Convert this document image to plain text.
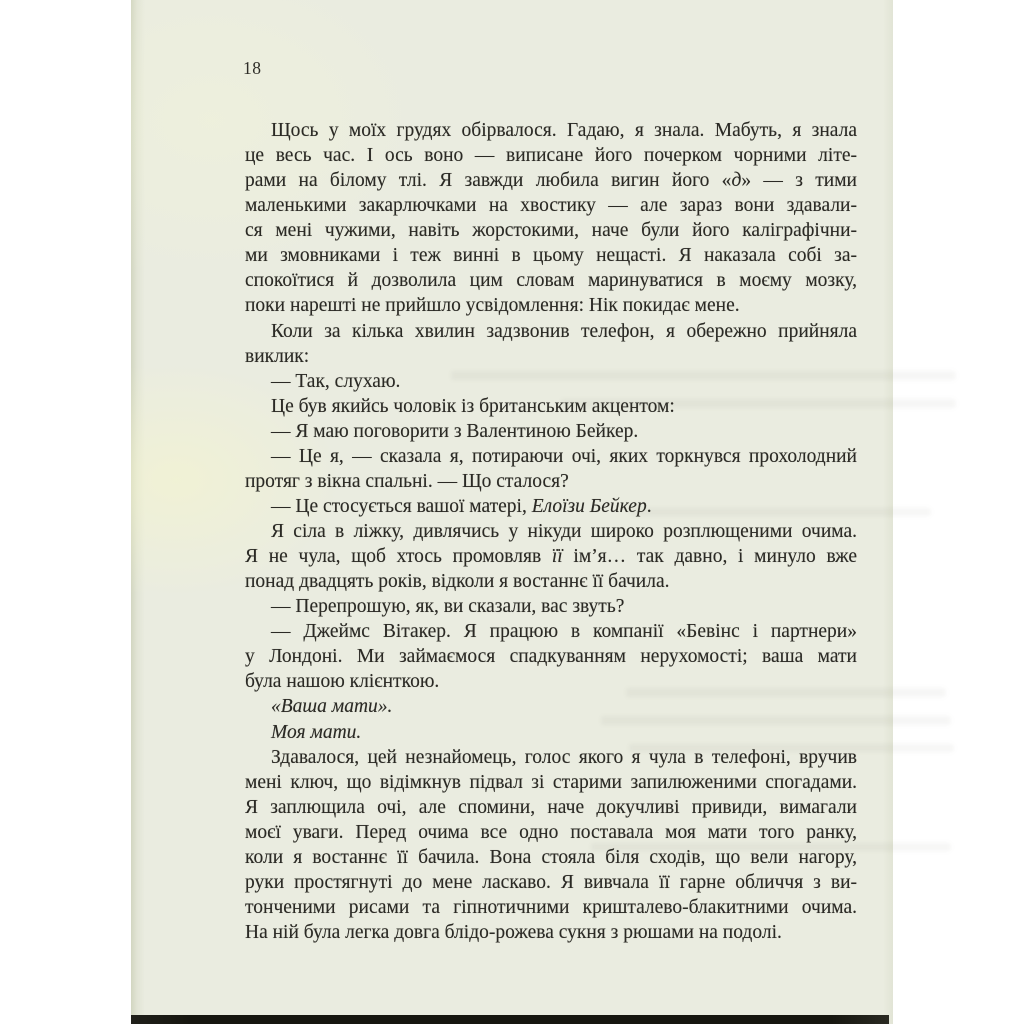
18
Щось у моїх грудях обірвалося. Гадаю, я знала. Мабуть, я знала
це весь час. І ось воно — виписане його почерком чорними літе-
рами на білому тлі. Я завжди любила вигин його «д» — з тими
маленькими закарлючками на хвостику — але зараз вони здавали-
ся мені чужими, навіть жорстокими, наче були його каліграфічни-
ми змовниками і теж винні в цьому нещасті. Я наказала собі за-
спокоїтися й дозволила цим словам маринуватися в моєму мозку,
поки нарешті не прийшло усвідомлення: Нік покидає мене.
Коли за кілька хвилин задзвонив телефон, я обережно прийняла
виклик:
— Так, слухаю.
Це був якийсь чоловік із британським акцентом:
— Я маю поговорити з Валентиною Бейкер.
— Це я, — сказала я, потираючи очі, яких торкнувся прохолодний
протяг з вікна спальні. — Що сталося?
— Це стосується вашої матері, Елоїзи Бейкер.
Я сіла в ліжку, дивлячись у нікуди широко розплющеними очима.
Я не чула, щоб хтось промовляв її ім’я… так давно, і минуло вже
понад двадцять років, відколи я востаннє її бачила.
— Перепрошую, як, ви сказали, вас звуть?
— Джеймс Вітакер. Я працюю в компанії «Бевінс і партнери»
у Лондоні. Ми займаємося спадкуванням нерухомості; ваша мати
була нашою клієнткою.
«Ваша мати».
Моя мати.
Здавалося, цей незнайомець, голос якого я чула в телефоні, вручив
мені ключ, що відімкнув підвал зі старими запилюженими спогадами.
Я заплющила очі, але спомини, наче докучливі привиди, вимагали
моєї уваги. Перед очима все одно поставала моя мати того ранку,
коли я востаннє її бачила. Вона стояла біля сходів, що вели нагору,
руки простягнуті до мене ласкаво. Я вивчала її гарне обличчя з ви-
тонченими рисами та гіпнотичними кришталево-блакитними очима.
На ній була легка довга блідо-рожева сукня з рюшами на подолі.
